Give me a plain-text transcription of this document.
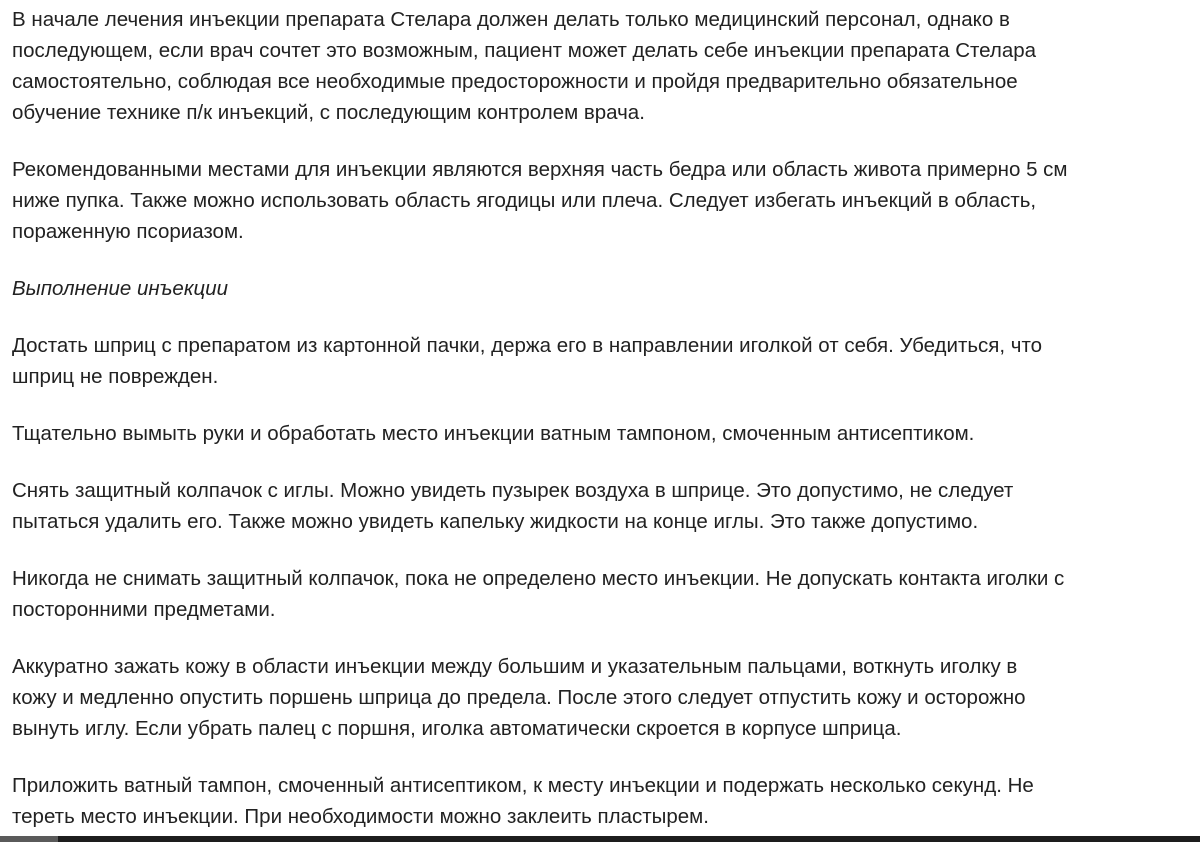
В начале лечения инъекции препарата Стелара должен делать только медицинский персонал, однако в
последующем, если врач сочтет это возможным, пациент может делать себе инъекции препарата Стелара
самостоятельно, соблюдая все необходимые предосторожности и пройдя предварительно обязательное
обучение технике п/к инъекций, с последующим контролем врача.

Рекомендованными местами для инъекции являются верхняя часть бедра или область живота примерно 5 см
ниже пупка. Также можно использовать область ягодицы или плеча. Следует избегать инъекций в область,
пораженную псориазом.

Выполнение инъекции

Достать шприц с препаратом из картонной пачки, держа его в направлении иголкой от себя. Убедиться, что
шприц не поврежден.

Тщательно вымыть руки и обработать место инъекции ватным тампоном, смоченным антисептиком.

Снять защитный колпачок с иглы. Можно увидеть пузырек воздуха в шприце. Это допустимо, не следует
пытаться удалить его. Также можно увидеть капельку жидкости на конце иглы. Это также допустимо.

Никогда не снимать защитный колпачок, пока не определено место инъекции. Не допускать контакта иголки с
посторонними предметами.

Аккуратно зажать кожу в области инъекции между большим и указательным пальцами, воткнуть иголку в
кожу и медленно опустить поршень шприца до предела. После этого следует отпустить кожу и осторожно
вынуть иглу. Если убрать палец с поршня, иголка автоматически скроется в корпусе шприца.

Приложить ватный тампон, смоченный антисептиком, к месту инъекции и подержать несколько секунд. Не
тереть место инъекции. При необходимости можно заклеить пластырем.
